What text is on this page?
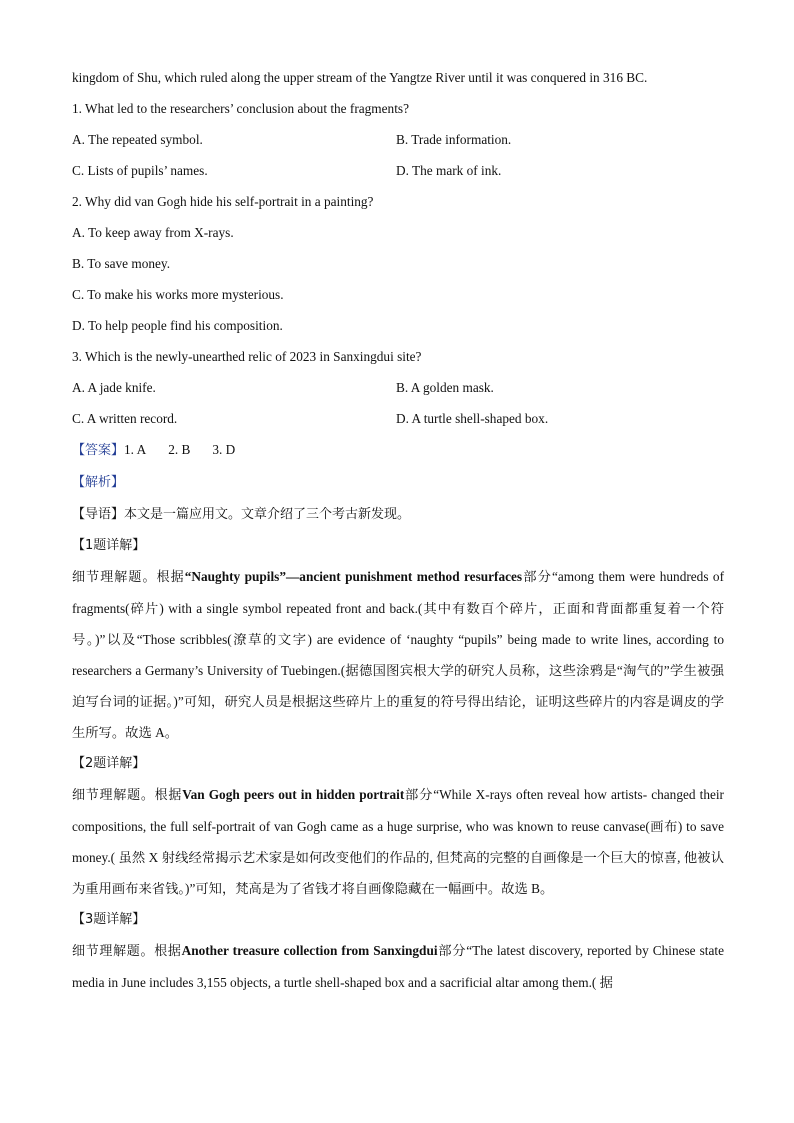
kingdom of Shu, which ruled along the upper stream of the Yangtze River until it was conquered in 316 BC.
1. What led to the researchers’ conclusion about the fragments?
A. The repeated symbol.	B. Trade information.
C. Lists of pupils’ names.	D. The mark of ink.
2. Why did van Gogh hide his self-portrait in a painting?
A. To keep away from X-rays.
B. To save money.
C. To make his works more mysterious.
D. To help people find his composition.
3. Which is the newly-unearthed relic of 2023 in Sanxingdui site?
A. A jade knife.	B. A golden mask.
C. A written record.	D. A turtle shell-shaped box.
【答案】1. A 2. B 3. D
【解析】
【导语】本文是一篇应用文。文章介绍了三个考古新发现。
【1题详解】
细节理解题。根据“Naughty pupils”—ancient punishment method resurfaces部分“among them were hundreds of fragments(碎片) with a single symbol repeated front and back.(其中有数百个碎片，正面和背面都重复着一个符号。)”以及“Those scribbles(潦草的文字) are evidence of ‘naughty “pupils” being made to write lines, according to researchers a Germany’s University of Tuebingen.(据德国图宾根大学的研究人员称，这些涂鸦是“淘气的”学生被强迫写台词的证据。)”可知，研究人员是根据这些碎片上的重复的符号得出结论，证明这些碎片的内容是调皮的学生所写。故选 A。
【2题详解】
细节理解题。根据Van Gogh peers out in hidden portrait部分“While X-rays often reveal how artists- changed their compositions, the full self-portrait of van Gogh came as a huge surprise, who was known to reuse canvase(画布) to save money.( 虽然 X 射线经常揭示艺术家是如何改变他们的作品的, 但梵高的完整的自画像是一个巨大的惊喜, 他被认为重用画布来省钱。)”可知，梵高是为了省钱才将自画像隐藏在一幅画中。故选 B。
【3题详解】
细节理解题。根据Another treasure collection from Sanxingdui部分“The latest discovery, reported by Chinese state media in June includes 3,155 objects, a turtle shell-shaped box and a sacrificial altar among them.( 据
